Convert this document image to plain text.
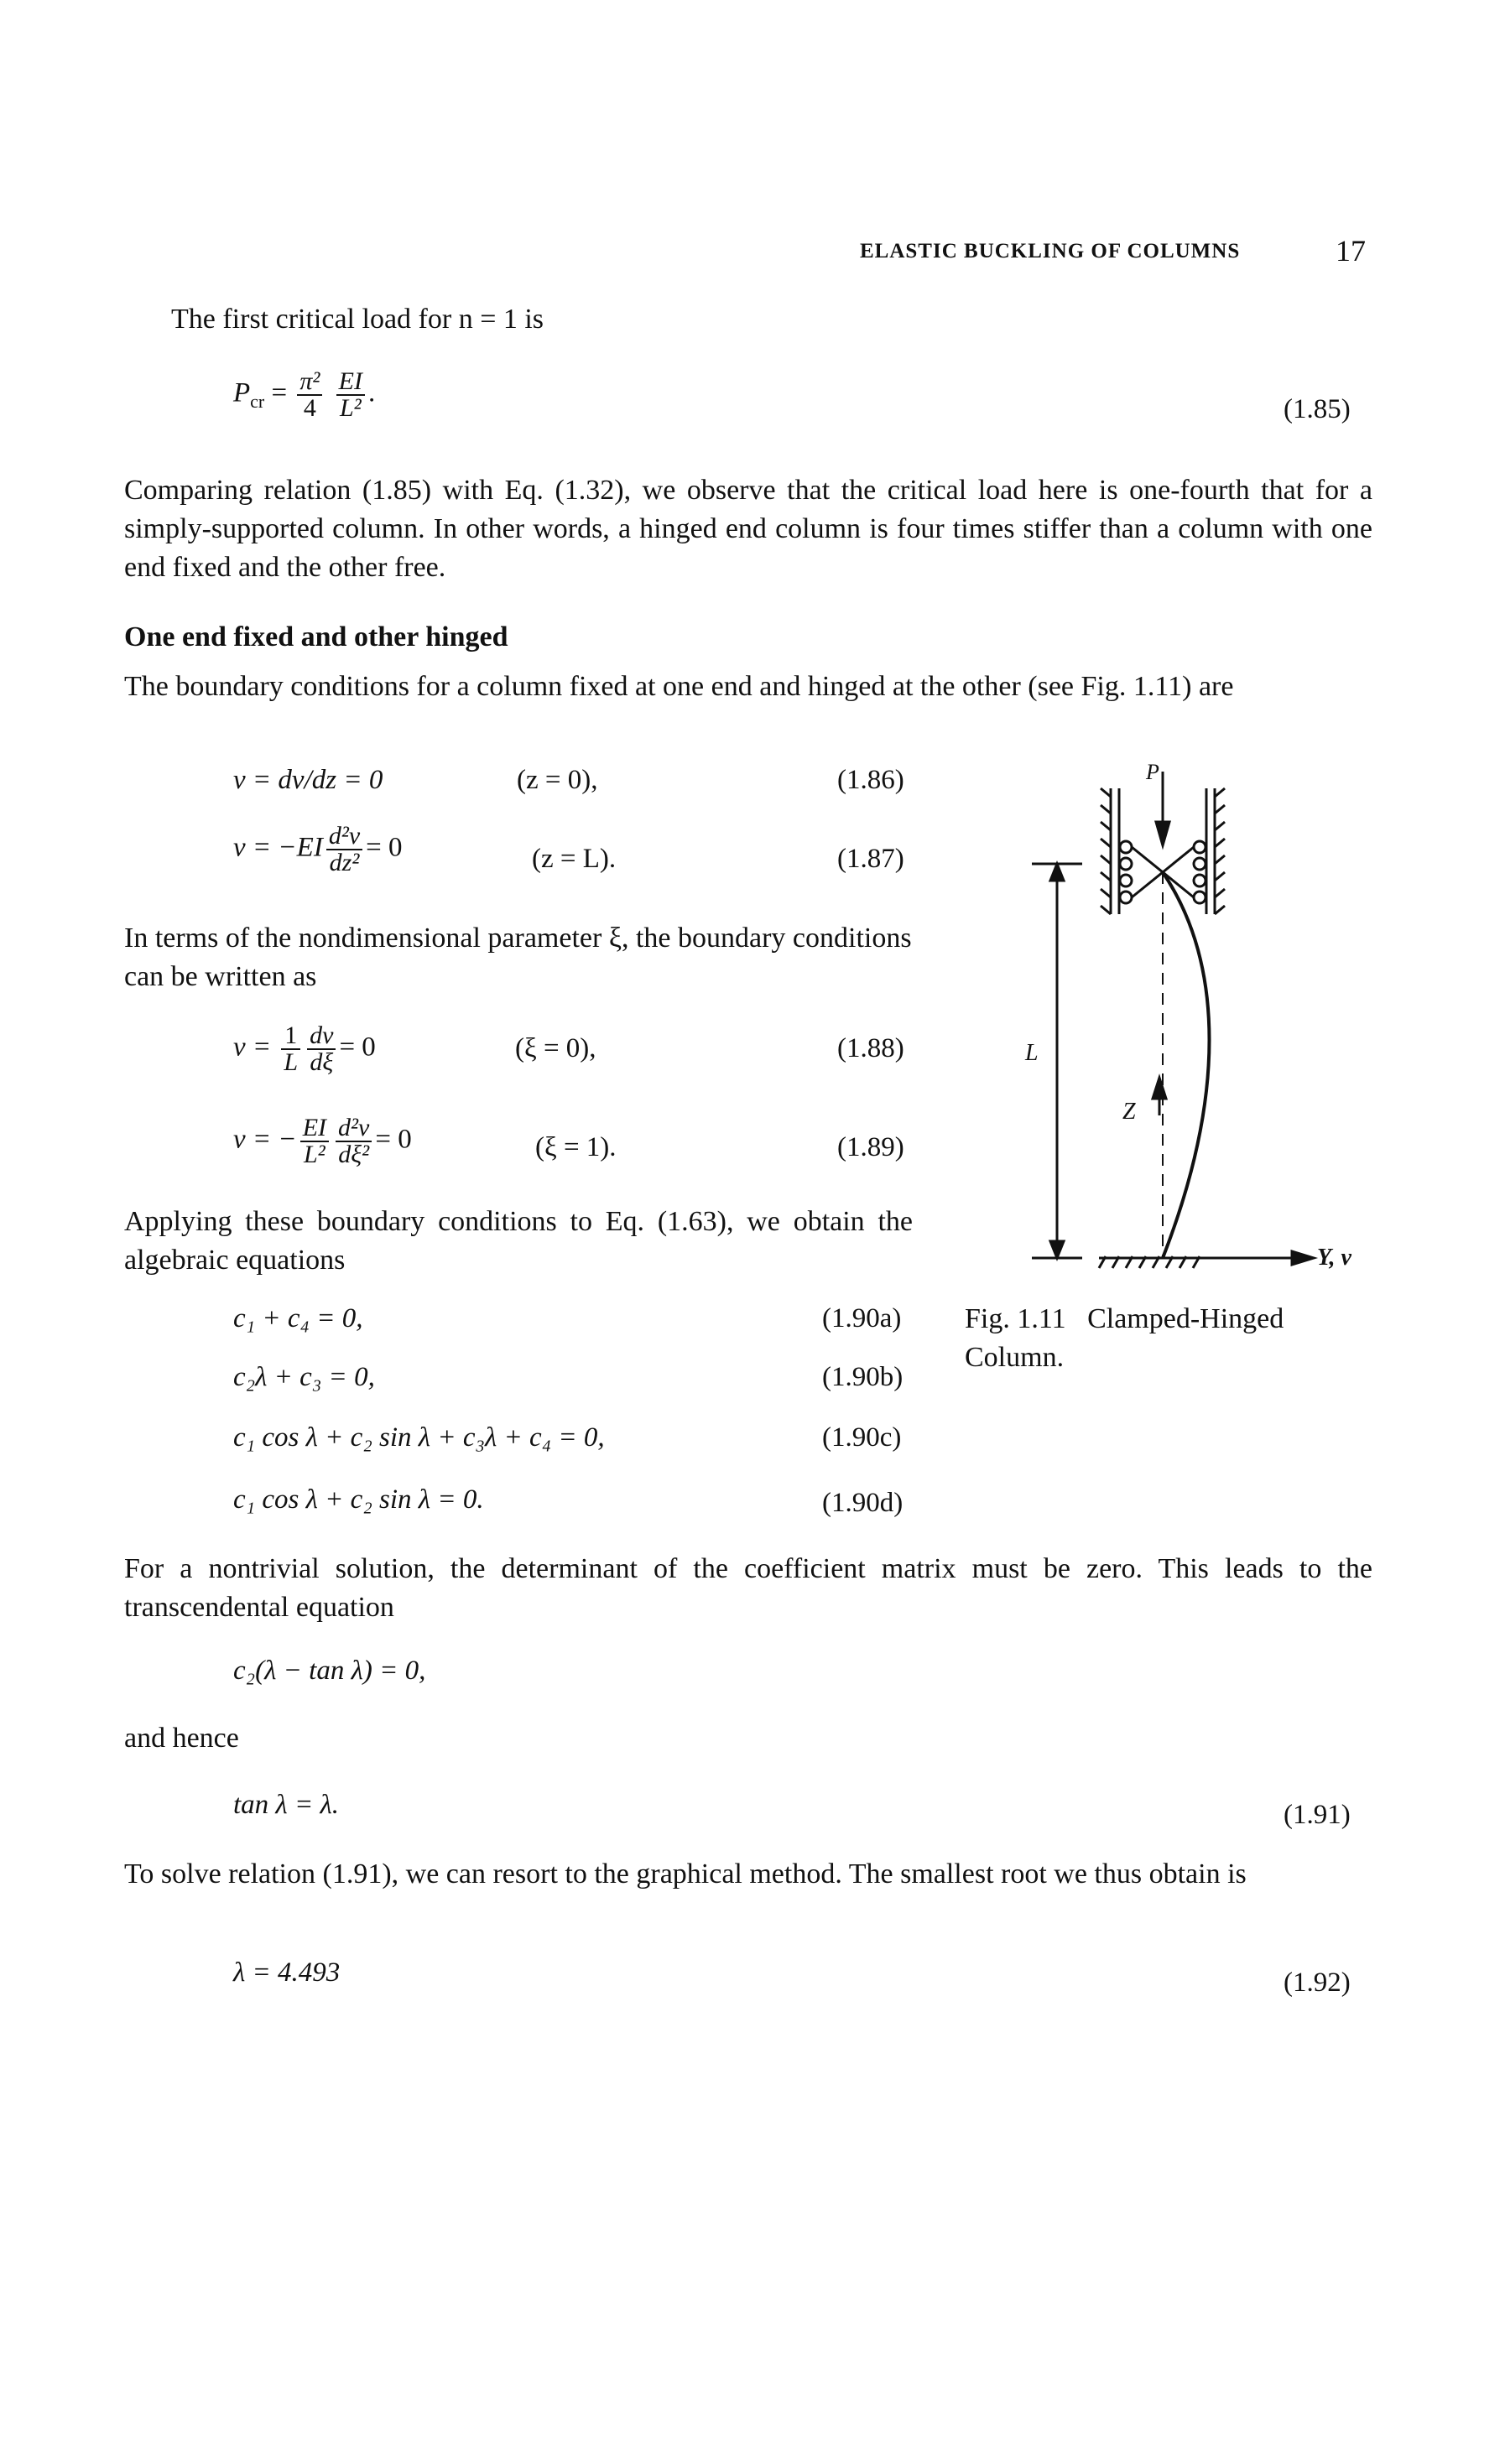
ELASTIC BUCKLING OF COLUMNS	17
The first critical load for n = 1 is
$P_{cr} = \frac{\text{π²}}{4}$
$\frac{EI}{\text{L²}}$ .
(1.85)
Comparing relation (1.85) with Eq. (1.32), we observe that the critical load here is one-fourth that for a simply-supported column. In other words, a hinged end column is four times stiffer than a column with one end fixed and the other free.
One end fixed and other hinged
The boundary conditions for a column fixed at one end and hinged at the other (see Fig. 1.11) are
v = dv/dz = 0	(z = 0),	(1.86)
$v = -EI \frac{\text{d²v}}{\text{dz²}} = 0$	(z = L).	(1.87)
In terms of the nondimensional parameter ξ, the boundary conditions can be written as
$v = \frac{1}{L} \frac{dv}{d\xi} = 0$	(ξ = 0),	(1.88)
v = − $\frac{EI}{\text{L²}} \frac{\text{d²v}}{\text{dξ²}} = 0$	(ξ = 1).	(1.89)
Applying these boundary conditions to Eq. (1.63), we obtain the algebraic equations
c₁ + c₄ = 0,	(1.90a)
c₂λ + c₃ = 0,	(1.90b)
c₁ cos λ + c₂ sin λ + c₃λ + c₄ = 0,	(1.90c)
c₁ cos λ + c₂ sin λ = 0.	(1.90d)
P
L
Z
Y, v
Fig. 1.11 Clamped-Hinged Column.
For a nontrivial solution, the determinant of the coefficient matrix must be zero. This leads to the transcendental equation
c₂(λ − tan λ) = 0,
and hence
tan λ = λ.	(1.91)
To solve relation (1.91), we can resort to the graphical method. The smallest root we thus obtain is
λ = 4.493	(1.92)
